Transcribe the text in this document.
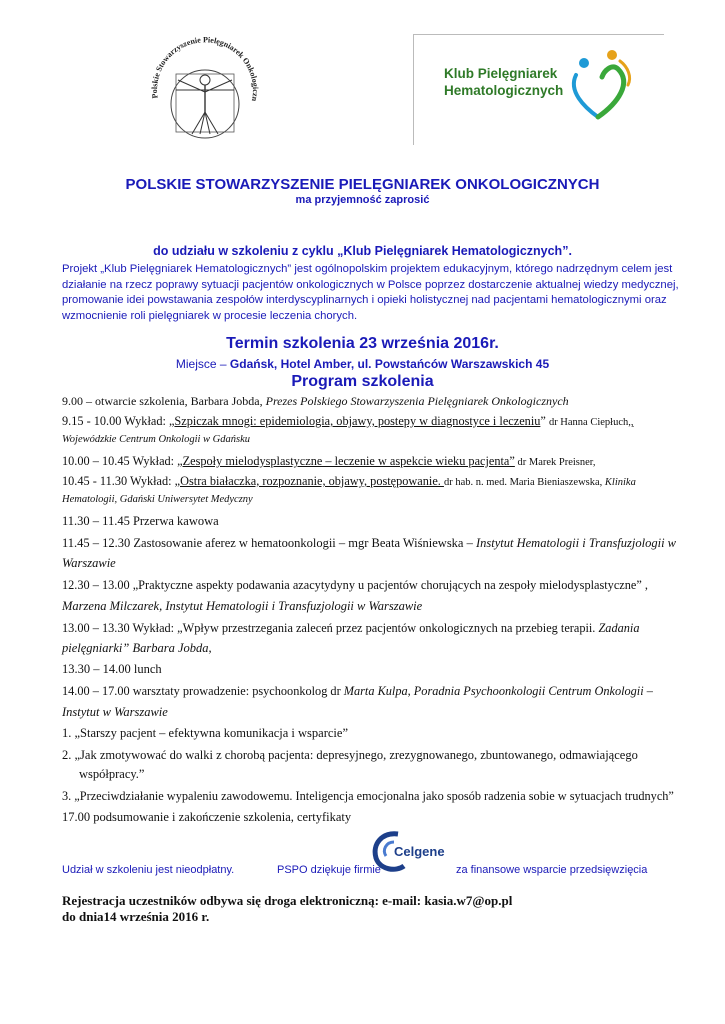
Polskie Stowarzyszenie Pielęgniarek Onkologiczn
Klub Pielęgniarek
Hematologicznych
POLSKIE STOWARZYSZENIE PIELĘGNIAREK ONKOLOGICZNYCH
ma przyjemność zaprosić
do udziału w szkoleniu z cyklu „Klub Pielęgniarek Hematologicznych”.
Projekt „Klub Pielęgniarek Hematologicznych” jest ogólnopolskim projektem edukacyjnym, którego nadrzędnym celem jest
działanie na rzecz poprawy sytuacji pacjentów onkologicznych w Polsce poprzez dostarczenie aktualnej wiedzy medycznej,
promowanie idei powstawania zespołów interdyscyplinarnych i opieki holistycznej nad pacjentami hematologicznymi oraz
wzmocnienie roli pielęgniarek w procesie leczenia chorych.
Termin szkolenia 23 września 2016r.
Miejsce – Gdańsk, Hotel Amber, ul. Powstańców Warszawskich 45
Program szkolenia
9.00 – otwarcie szkolenia, Barbara Jobda, Prezes Polskiego Stowarzyszenia Pielęgniarek Onkologicznych
9.15 - 10.00 Wykład: „Szpiczak mnogi: epidemiologia, objawy, postepy w diagnostyce i leczeniu” dr Hanna Ciepłuch,,
Wojewódzkie Centrum Onkologii w Gdańsku
10.00 – 10.45 Wykład: „Zespoły mielodysplastyczne – leczenie w aspekcie wieku pacjenta” dr Marek Preisner,
10.45 - 11.30 Wykład: „Ostra białaczka, rozpoznanie, objawy, postępowanie. dr hab. n. med. Maria Bieniaszewska, Klinika
Hematologii, Gdański Uniwersytet Medyczny
11.30 – 11.45 Przerwa kawowa
11.45 – 12.30 Zastosowanie aferez w hematoonkologii – mgr Beata Wiśniewska – Instytut Hematologii i Transfuzjologii w
Warszawie
12.30 – 13.00 „Praktyczne aspekty podawania azacytydyny u pacjentów chorujących na zespoły mielodysplastyczne” ,
Marzena Milczarek, Instytut Hematologii i Transfuzjologii w Warszawie
13.00 – 13.30 Wykład: „Wpływ przestrzegania zaleceń przez pacjentów onkologicznych na przebieg terapii. Zadania
pielęgniarki” Barbara Jobda,
13.30 – 14.00 lunch
14.00 – 17.00 warsztaty prowadzenie: psychoonkolog dr Marta Kulpa, Poradnia Psychoonkologii Centrum Onkologii –
Instytut w Warszawie
1. „Starszy pacjent – efektywna komunikacja i wsparcie”
2. „Jak zmotywować do walki z chorobą pacjenta: depresyjnego, zrezygnowanego, zbuntowanego, odmawiającego
współpracy.”
3. „Przeciwdziałanie wypaleniu zawodowemu. Inteligencja emocjonalna jako sposób radzenia sobie w sytuacjach trudnych”
17.00 podsumowanie i zakończenie szkolenia, certyfikaty
Udział w szkoleniu jest nieodpłatny.	PSPO dziękuje firmie
Celgene
za finansowe wsparcie przedsięwzięcia
Rejestracja uczestników odbywa się droga elektroniczną: e-mail: kasia.w7@op.pl
do dnia14 września 2016 r.
